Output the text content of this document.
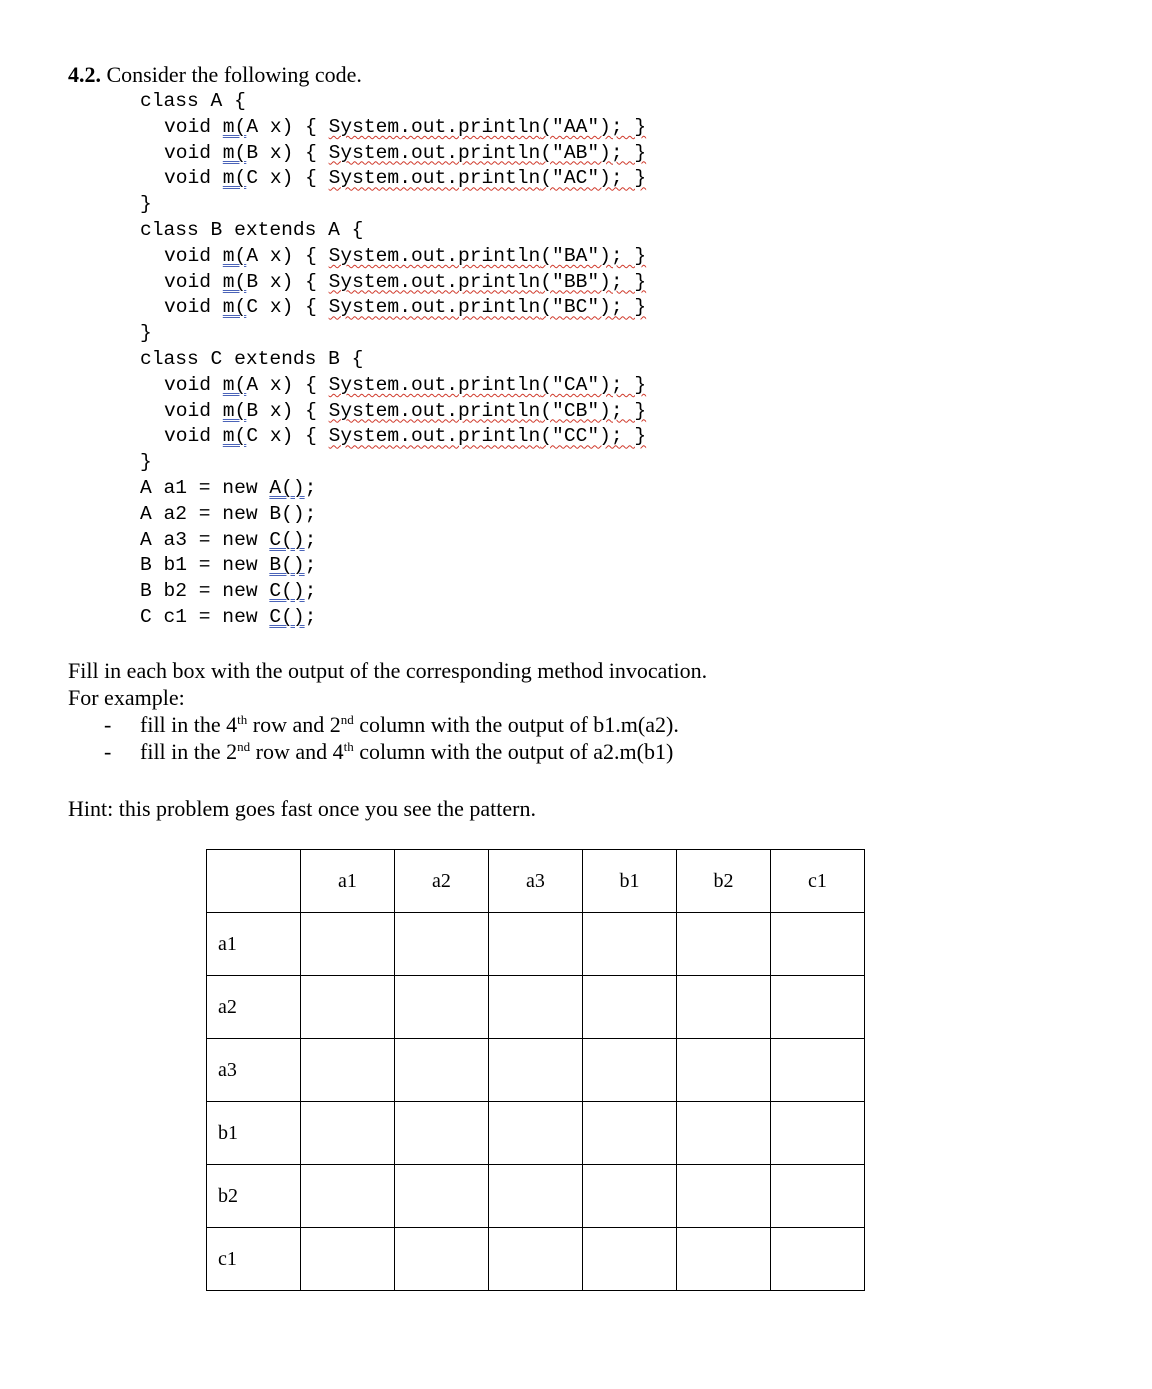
4.2. Consider the following code.
class A {
void m(A x) { System.out.println("AA"); }
void m(B x) { System.out.println("AB"); }
void m(C x) { System.out.println("AC"); }
}
class B extends A {
void m(A x) { System.out.println("BA"); }
void m(B x) { System.out.println("BB"); }
void m(C x) { System.out.println("BC"); }
}
class C extends B {
void m(A x) { System.out.println("CA"); }
void m(B x) { System.out.println("CB"); }
void m(C x) { System.out.println("CC"); }
}
A a1 = new A();
A a2 = new B();
A a3 = new C();
B b1 = new B();
B b2 = new C();
C c1 = new C();
Fill in each box with the output of the corresponding method invocation.
For example:
- fill in the 4th row and 2nd column with the output of b1.m(a2).
- fill in the 2nd row and 4th column with the output of a2.m(b1)
Hint: this problem goes fast once you see the pattern.
	a1	a2	a3	b1	b2	c1
a1						
a2						
a3						
b1						
b2						
c1						
